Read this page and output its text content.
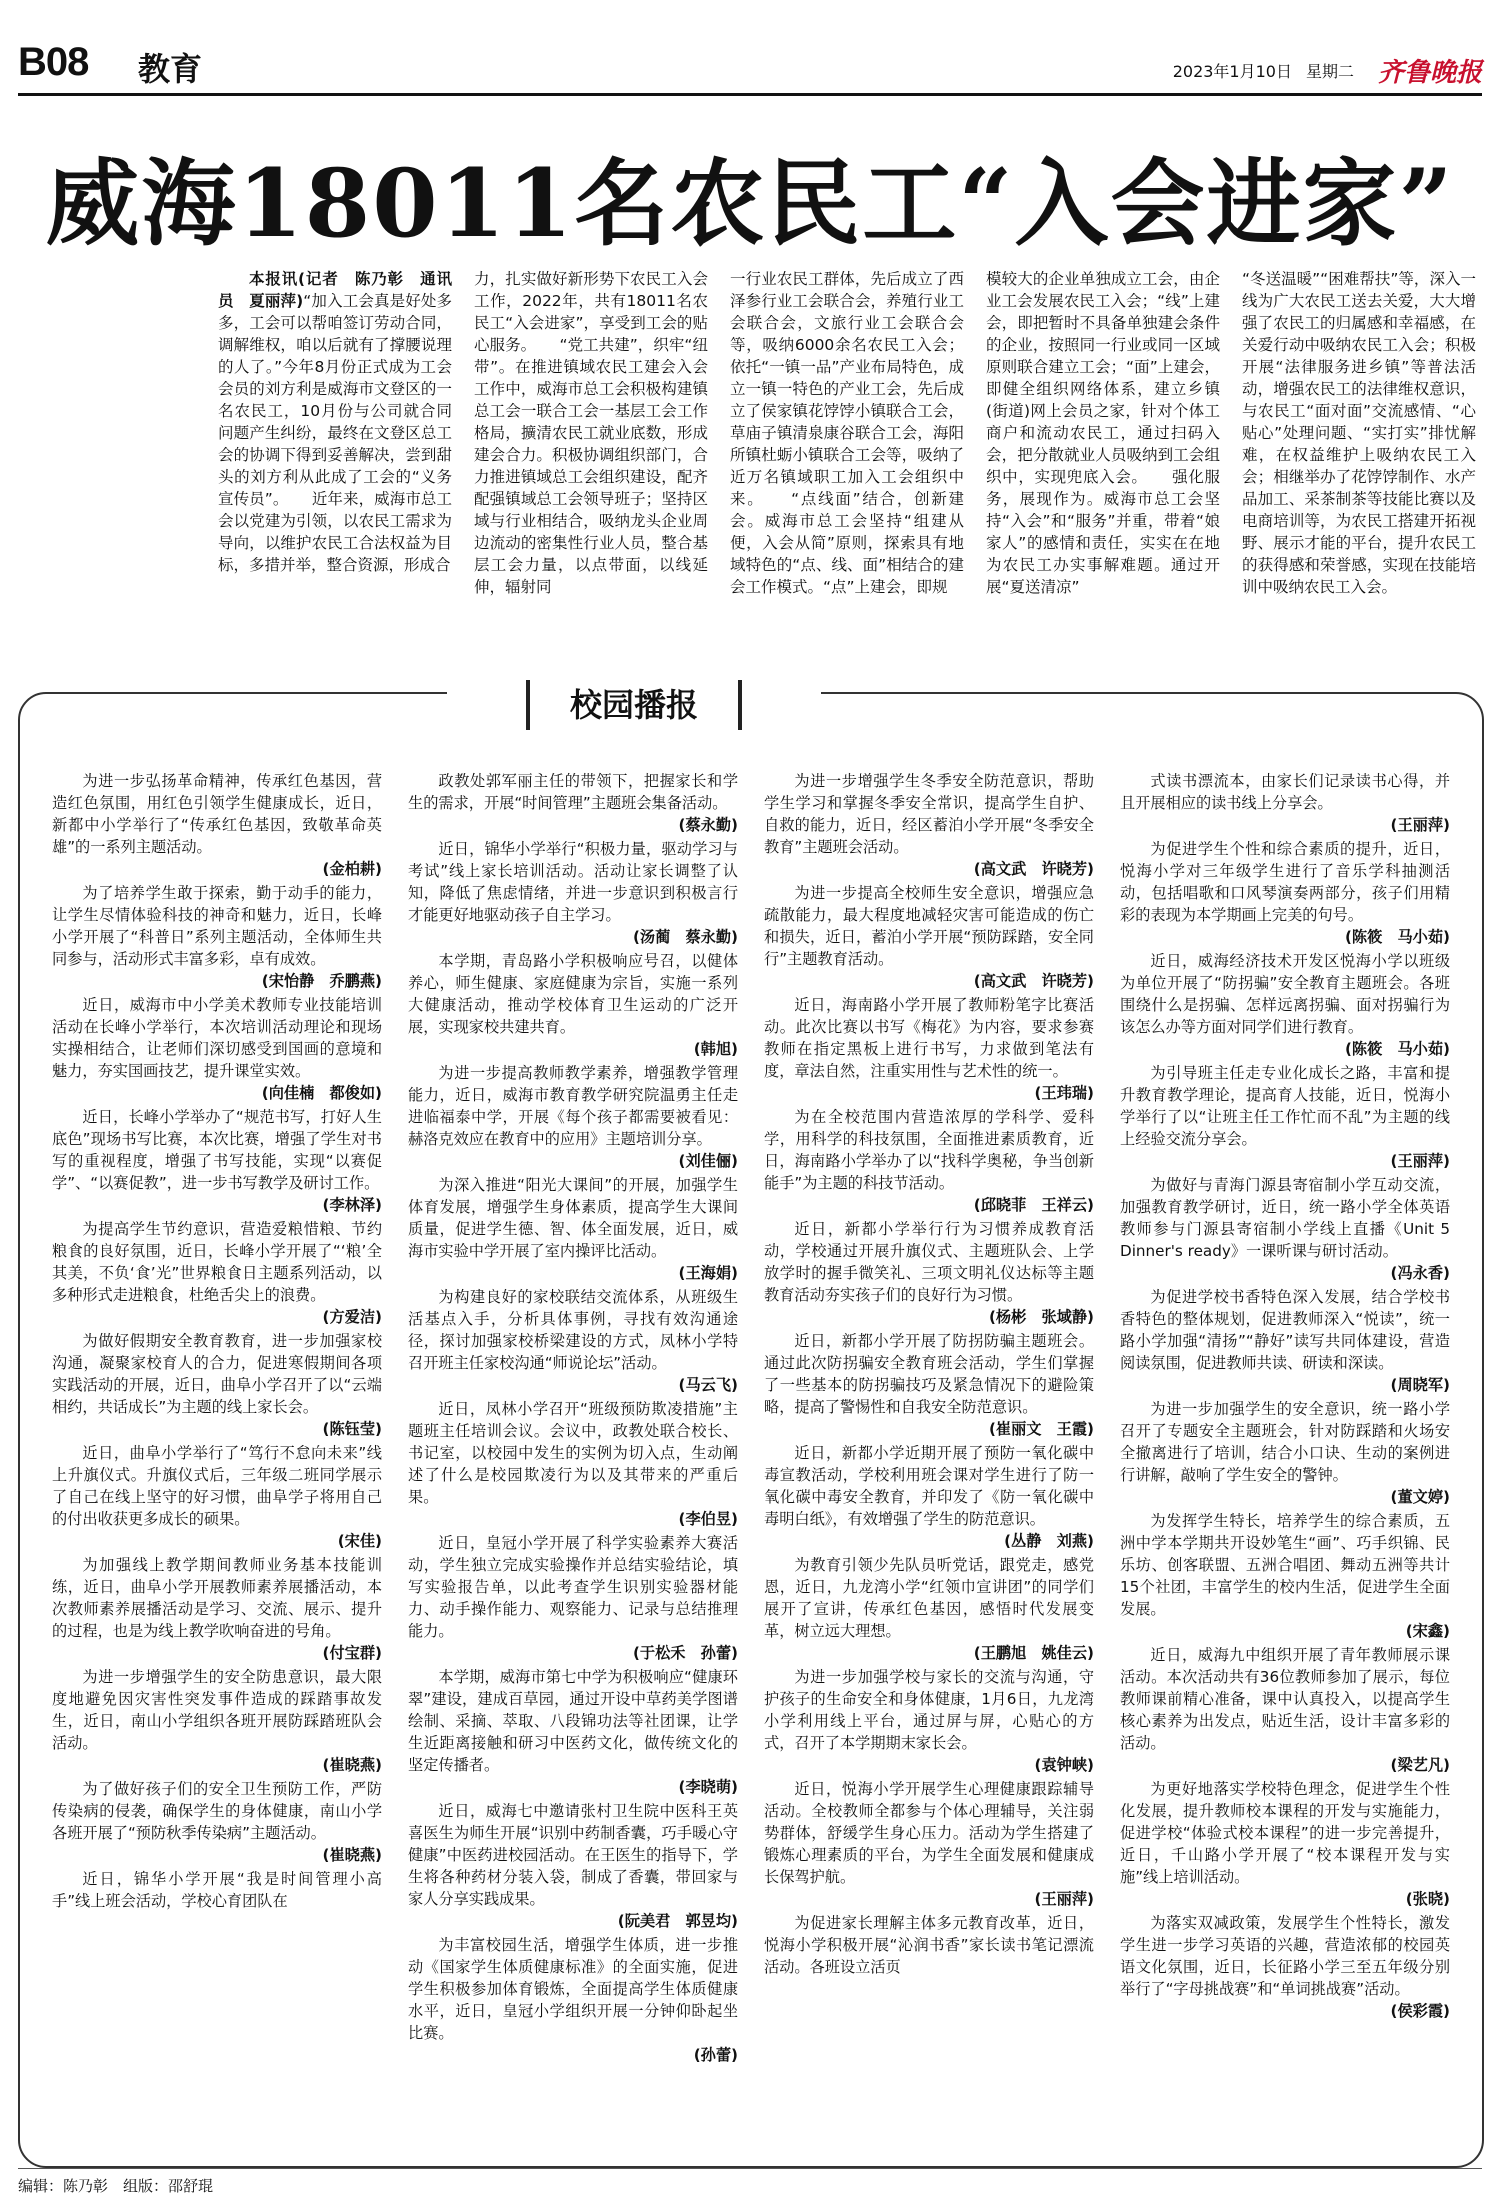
B08 教育	2023年1月10日 星期二 齐鲁晚报
威海18011名农民工“入会进家”

本报讯(记者　陈乃彰　通讯员　夏丽萍)“加入工会真是好处多多，工会可以帮咱签订劳动合同，调解维权，咱以后就有了撑腰说理的人了。”今年8月份正式成为工会会员的刘方利是威海市文登区的一名农民工，10月份与公司就合同问题产生纠纷，最终在文登区总工会的协调下得到妥善解决，尝到甜头的刘方利从此成了工会的“义务宣传员”。　　近年来，威海市总工会以党建为引领，以农民工需求为导向，以维护农民工合法权益为目标，多措并举，整合资源，形成合

力，扎实做好新形势下农民工入会工作，2022年，共有18011名农民工“入会进家”，享受到工会的贴心服务。　　“党工共建”，织牢“纽带”。在推进镇域农民工建会入会工作中，威海市总工会积极构建镇总工会一联合工会一基层工会工作格局，擴清农民工就业底数，形成建会合力。积极协调组织部门，合力推进镇域总工会组织建设，配齐配强镇域总工会领导班子；坚持区域与行业相结合，吸纳龙头企业周边流动的密集性行业人员，整合基层工会力量，以点带面，以线延伸，辐射同

一行业农民工群体，先后成立了西泽参行业工会联合会，养殖行业工会联合会，文旅行业工会联合会等，吸纳6000余名农民工入会；依托“一镇一品”产业布局特色，成立一镇一特色的产业工会，先后成立了侯家镇花饽饽小镇联合工会，草庙子镇清泉康谷联合工会，海阳所镇杜蛎小镇联合工会等，吸纳了近万名镇域职工加入工会组织中来。　　“点线面”结合，创新建会。威海市总工会坚持“组建从便，入会从简”原则，探索具有地域特色的“点、线、面”相结合的建会工作模式。“点”上建会，即规

模较大的企业单独成立工会，由企业工会发展农民工入会；“线”上建会，即把暂时不具备单独建会条件的企业，按照同一行业或同一区域原则联合建立工会；“面”上建会，即健全组织网络体系，建立乡镇(街道)网上会员之家，针对个体工商户和流动农民工，通过扫码入会，把分散就业人员吸纳到工会组织中，实现兜底入会。　　强化服务，展现作为。威海市总工会坚持“入会”和“服务”并重，带着“娘家人”的感情和责任，实实在在地为农民工办实事解难题。通过开展“夏送清凉”

“冬送温暖”“困难帮扶”等，深入一线为广大农民工送去关爱，大大增强了农民工的归属感和幸福感，在关爱行动中吸纳农民工入会；积极开展“法律服务进乡镇”等普法活动，增强农民工的法律维权意识，与农民工“面对面”交流感情、“心贴心”处理问题、“实打实”排忧解难，在权益维护上吸纳农民工入会；相继举办了花饽饽制作、水产品加工、采茶制茶等技能比赛以及电商培训等，为农民工搭建开拓视野、展示才能的平台，提升农民工的获得感和荣誉感，实现在技能培训中吸纳农民工入会。

校园播报
为进一步弘扬革命精神，传承红色基因，营造红色氛围，用红色引领学生健康成长，近日，新都中小学举行了“传承红色基因，致敬革命英雄”的一系列主题活动。
(金柏耕)
为了培养学生敢于探索，勤于动手的能力，让学生尽情体验科技的神奇和魅力，近日，长峰小学开展了“科普日”系列主题活动，全体师生共同参与，活动形式丰富多彩，卓有成效。
(宋怡静　乔鹏燕)
近日，威海市中小学美术教师专业技能培训活动在长峰小学举行，本次培训活动理论和现场实操相结合，让老师们深切感受到国画的意境和魅力，夯实国画技艺，提升课堂实效。
(向佳楠　都俊如)
近日，长峰小学举办了“规范书写，打好人生底色”现场书写比赛，本次比赛，增强了学生对书写的重视程度，增强了书写技能，实现“以赛促学”、“以赛促教”，进一步书写教学及研讨工作。
(李林泽)
为提高学生节约意识，营造爱粮惜粮、节约粮食的良好氛围，近日，长峰小学开展了“‘粮’全其美，不负‘食’光”世界粮食日主题系列活动，以多种形式走进粮食，杜绝舌尖上的浪费。
(方爱洁)
为做好假期安全教育教育，进一步加强家校沟通，凝聚家校育人的合力，促进寒假期间各项实践活动的开展，近日，曲阜小学召开了以“云端相约，共话成长”为主题的线上家长会。
(陈钰莹)
近日，曲阜小学举行了“笃行不怠向未来”线上升旗仪式。升旗仪式后，三年级二班同学展示了自己在线上坚守的好习惯，曲阜学子将用自己的付出收获更多成长的硕果。
(宋佳)
为加强线上教学期间教师业务基本技能训练，近日，曲阜小学开展教师素养展播活动，本次教师素养展播活动是学习、交流、展示、提升的过程，也是为线上教学吹响奋进的号角。
(付宝群)
为进一步增强学生的安全防患意识，最大限度地避免因灾害性突发事件造成的踩踏事故发生，近日，南山小学组织各班开展防踩踏班队会活动。
(崔晓燕)
为了做好孩子们的安全卫生预防工作，严防传染病的侵袭，确保学生的身体健康，南山小学各班开展了“预防秋季传染病”主题活动。
(崔晓燕)
近日，锦华小学开展“我是时间管理小高手”线上班会活动，学校心育团队在
政教处郭军丽主任的带领下，把握家长和学生的需求，开展“时间管理”主题班会集备活动。
(蔡永勤)
近日，锦华小学举行“积极力量，驱动学习与考试”线上家长培训活动。活动让家长调整了认知，降低了焦虑情绪，并进一步意识到积极言行才能更好地驱动孩子自主学习。
(汤蔺　蔡永勤)
本学期，青岛路小学积极响应号召，以健体养心，师生健康、家庭健康为宗旨，实施一系列大健康活动，推动学校体育卫生运动的广泛开展，实现家校共建共育。
(韩旭)
为进一步提高教师教学素养，增强教学管理能力，近日，威海市教育教学研究院温勇主任走进临福泰中学，开展《每个孩子都需要被看见：赫洛克效应在教育中的应用》主题培训分享。
(刘佳俪)
为深入推进“阳光大课间”的开展，加强学生体育发展，增强学生身体素质，提高学生大课间质量，促进学生德、智、体全面发展，近日，威海市实验中学开展了室内操评比活动。
(王海娟)
为构建良好的家校联结交流体系，从班级生活基点入手，分析具体事例，寻找有效沟通途径，探讨加强家校桥梁建设的方式，凤林小学特召开班主任家校沟通“师说论坛”活动。
(马云飞)
近日，凤林小学召开“班级预防欺凌措施”主题班主任培训会议。会议中，政教处联合校长、书记室，以校园中发生的实例为切入点，生动阐述了什么是校园欺凌行为以及其带来的严重后果。
(李伯昱)
近日，皇冠小学开展了科学实验素养大赛活动，学生独立完成实验操作并总结实验结论，填写实验报告单，以此考查学生识别实验器材能力、动手操作能力、观察能力、记录与总结推理能力。
(于松禾　孙蕾)
本学期，威海市第七中学为积极响应“健康环翠”建设，建成百草园，通过开设中草药美学图谱绘制、采摘、萃取、八段锦功法等社团课，让学生近距离接触和研习中医药文化，做传统文化的坚定传播者。
(李晓萌)
近日，威海七中邀请张村卫生院中医科王英喜医生为师生开展“识别中药制香囊，巧手暖心守健康”中医药进校园活动。在王医生的指导下，学生将各种药材分装入袋，制成了香囊，带回家与家人分享实践成果。
(阮美君　郭昱均)
为丰富校园生活，增强学生体质，进一步推动《国家学生体质健康标准》的全面实施，促进学生积极参加体育锻炼，全面提高学生体质健康水平，近日，皇冠小学组织开展一分钟仰卧起坐比赛。
(孙蕾)
为进一步增强学生冬季安全防范意识，帮助学生学习和掌握冬季安全常识，提高学生自护、自救的能力，近日，经区蓄泊小学开展“冬季安全教育”主题班会活动。
(高文武　许晓芳)
为进一步提高全校师生安全意识，增强应急疏散能力，最大程度地减轻灾害可能造成的伤亡和损失，近日，蓄泊小学开展“预防踩踏，安全同行”主题教育活动。
(高文武　许晓芳)
近日，海南路小学开展了教师粉笔字比赛活动。此次比赛以书写《梅花》为内容，要求参赛教师在指定黑板上进行书写，力求做到笔法有度，章法自然，注重实用性与艺术性的统一。
(王玮瑞)
为在全校范围内营造浓厚的学科学、爱科学，用科学的科技氛围，全面推进素质教育，近日，海南路小学举办了以“找科学奥秘，争当创新能手”为主题的科技节活动。
(邱晓菲　王祥云)
近日，新都小学举行行为习惯养成教育活动，学校通过开展升旗仪式、主题班队会、上学放学时的握手微笑礼、三项文明礼仪达标等主题教育活动夯实孩子们的良好行为习惯。
(杨彬　张域静)
近日，新都小学开展了防拐防骗主题班会。通过此次防拐骗安全教育班会活动，学生们掌握了一些基本的防拐骗技巧及紧急情况下的避险策略，提高了警惕性和自我安全防范意识。
(崔丽文　王霞)
近日，新都小学近期开展了预防一氧化碳中毒宣教活动，学校利用班会课对学生进行了防一氧化碳中毒安全教育，并印发了《防一氧化碳中毒明白纸》，有效增强了学生的防范意识。
(丛静　刘燕)
为教育引领少先队员听党话，跟党走，感党恩，近日，九龙湾小学“红领巾宣讲团”的同学们展开了宣讲，传承红色基因，感悟时代发展变革，树立远大理想。
(王鹏旭　姚佳云)
为进一步加强学校与家长的交流与沟通，守护孩子的生命安全和身体健康，1月6日，九龙湾小学利用线上平台，通过屏与屏，心贴心的方式，召开了本学期期末家长会。
(袁钟峡)
近日，悦海小学开展学生心理健康跟踪辅导活动。全校教师全都参与个体心理辅导，关注弱势群体，舒缓学生身心压力。活动为学生搭建了锻炼心理素质的平台，为学生全面发展和健康成长保驾护航。
(王丽萍)
为促进家长理解主体多元教育改革，近日，悦海小学积极开展“沁润书香”家长读书笔记漂流活动。各班设立活页
式读书漂流本，由家长们记录读书心得，并且开展相应的读书线上分享会。
(王丽萍)
为促进学生个性和综合素质的提升，近日，悦海小学对三年级学生进行了音乐学科抽测活动，包括唱歌和口风琴演奏两部分，孩子们用精彩的表现为本学期画上完美的句号。
(陈筱　马小茹)
近日，威海经济技术开发区悦海小学以班级为单位开展了“防拐骗”安全教育主题班会。各班围绕什么是拐骗、怎样远离拐骗、面对拐骗行为该怎么办等方面对同学们进行教育。
(陈筱　马小茹)
为引导班主任走专业化成长之路，丰富和提升教育教学理论，提高育人技能，近日，悦海小学举行了以“让班主任工作忙而不乱”为主题的线上经验交流分享会。
(王丽萍)
为做好与青海门源县寄宿制小学互动交流，加强教育教学研讨，近日，统一路小学全体英语教师参与门源县寄宿制小学线上直播《Unit 5 Dinner's ready》一课听课与研讨活动。
(冯永香)
为促进学校书香特色深入发展，结合学校书香特色的整体规划，促进教师深入“悦读”，统一路小学加强“清扬”“静好”读写共同体建设，营造阅读氛围，促进教师共读、研读和深读。
(周晓军)
为进一步加强学生的安全意识，统一路小学召开了专题安全主题班会，针对防踩踏和火场安全撤离进行了培训，结合小口诀、生动的案例进行讲解，敲响了学生安全的警钟。
(董文婷)
为发挥学生特长，培养学生的综合素质，五洲中学本学期共开设妙笔生“画”、巧手织锦、民乐坊、创客联盟、五洲合唱团、舞动五洲等共计15个社团，丰富学生的校内生活，促进学生全面发展。
(宋鑫)
近日，威海九中组织开展了青年教师展示课活动。本次活动共有36位教师参加了展示，每位教师课前精心准备，课中认真投入，以提高学生核心素养为出发点，贴近生活，设计丰富多彩的活动。
(梁艺凡)
为更好地落实学校特色理念，促进学生个性化发展，提升教师校本课程的开发与实施能力，促进学校“体验式校本课程”的进一步完善提升，近日，千山路小学开展了“校本课程开发与实施”线上培训活动。
(张晓)
为落实双减政策，发展学生个性特长，激发学生进一步学习英语的兴趣，营造浓郁的校园英语文化氛围，近日，长征路小学三至五年级分别举行了“字母挑战赛”和“单词挑战赛”活动。
(侯彩霞)
编辑：陈乃彰　组版：邵舒琨
